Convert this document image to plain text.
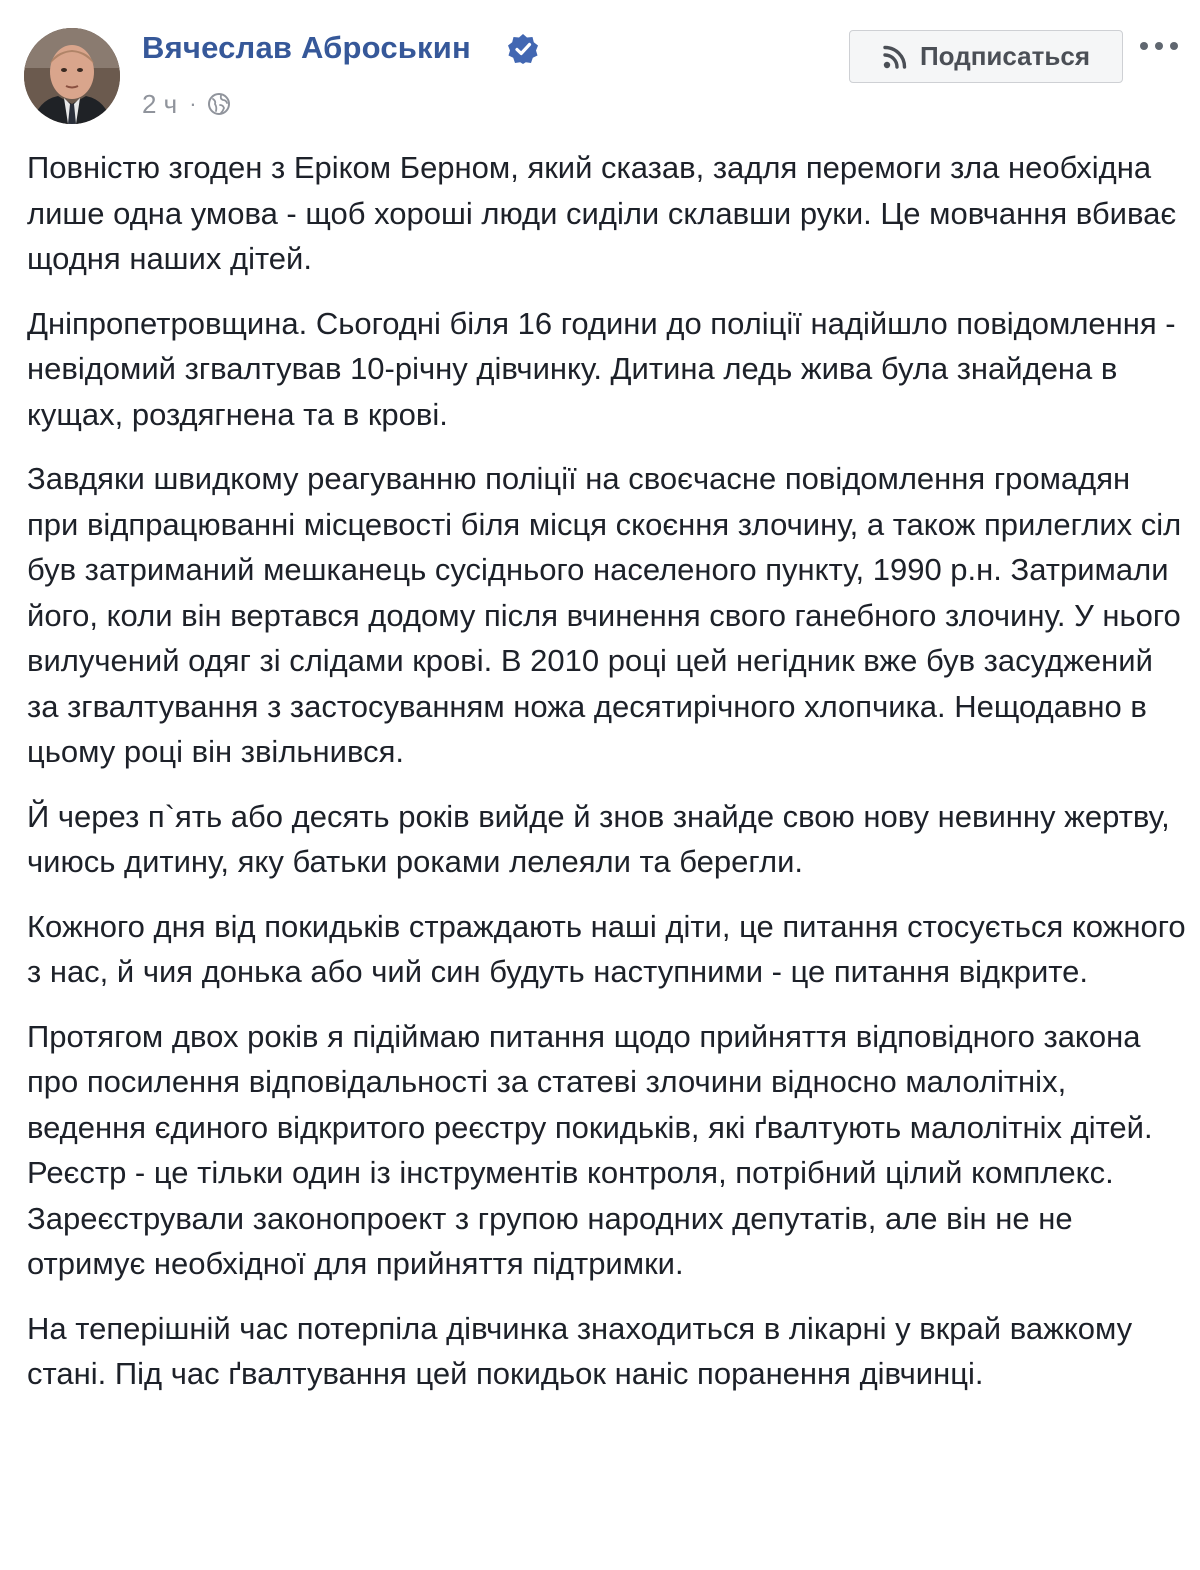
Вячеслав Аброськин
2 ч ·
Подписаться

Повністю згоден з Еріком Берном, який сказав, задля перемоги зла необхідна лише одна умова - щоб хороші люди сиділи склавши руки. Це мовчання вбиває щодня наших дітей.

Дніпропетровщина. Сьогодні біля 16 години до поліції надійшло повідомлення - невідомий згвалтував 10-річну дівчинку. Дитина ледь жива була знайдена в кущах, роздягнена та в крові.

Завдяки швидкому реагуванню поліції на своєчасне повідомлення громадян при відпрацюванні місцевості біля місця скоєння злочину, а також прилеглих сіл був затриманий мешканець сусіднього населеного пункту, 1990 р.н. Затримали його, коли він вертався додому після вчинення свого ганебного злочину. У нього вилучений одяг зі слідами крові. В 2010 році цей негідник вже був засуджений за згвалтування з застосуванням ножа десятирічного хлопчика. Нещодавно в цьому році він звільнився.

Й через п`ять або десять років вийде й знов знайде свою нову невинну жертву, чиюсь дитину, яку батьки роками лелеяли та берегли.

Кожного дня від покидьків страждають наші діти, це питання стосується кожного з нас, й чия донька або чий син будуть наступними - це питання відкрите.

Протягом двох років я підіймаю питання щодо прийняття відповідного закона про посилення відповідальності за статеві злочини відносно малолітніх, ведення єдиного відкритого реєстру покидьків, які ґвалтують малолітніх дітей. Реєстр - це тільки один із інструментів контроля, потрібний цілий комплекс. Зареєстрували законопроект з групою народних депутатів, але він не не отримує необхідної для прийняття підтримки.

На теперішній час потерпіла дівчинка знаходиться в лікарні у вкрай важкому стані. Під час ґвалтування цей покидьок наніс поранення дівчинці.
